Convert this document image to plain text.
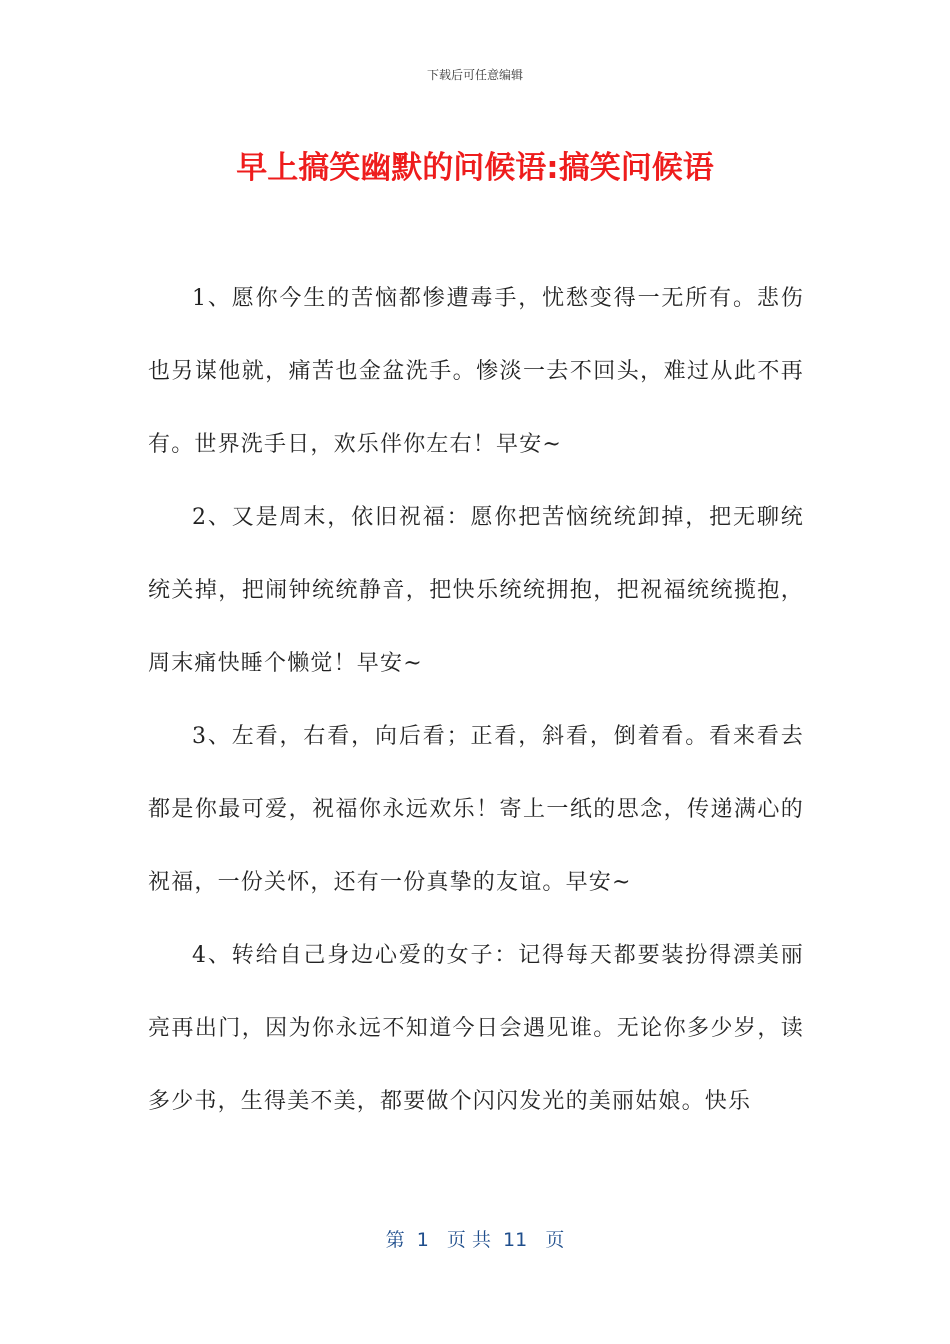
下载后可任意编辑
早上搞笑幽默的问候语:搞笑问候语

1、愿你今生的苦恼都惨遭毒手，忧愁变得一无所有。悲伤也另谋他就，痛苦也金盆洗手。惨淡一去不回头，难过从此不再有。世界洗手日，欢乐伴你左右！早安~

2、又是周末，依旧祝福：愿你把苦恼统统卸掉，把无聊统统关掉，把闹钟统统静音，把快乐统统拥抱，把祝福统统揽抱，周末痛快睡个懒觉！早安~

3、左看，右看，向后看；正看，斜看，倒着看。看来看去都是你最可爱，祝福你永远欢乐！寄上一纸的思念，传递满心的祝福，一份关怀，还有一份真挚的友谊。早安~

4、转给自己身边心爱的女子：记得每天都要装扮得漂美丽亮再出门，因为你永远不知道今日会遇见谁。无论你多少岁，读多少书，生得美不美，都要做个闪闪发光的美丽姑娘。快乐

第  1   页 共  11   页
